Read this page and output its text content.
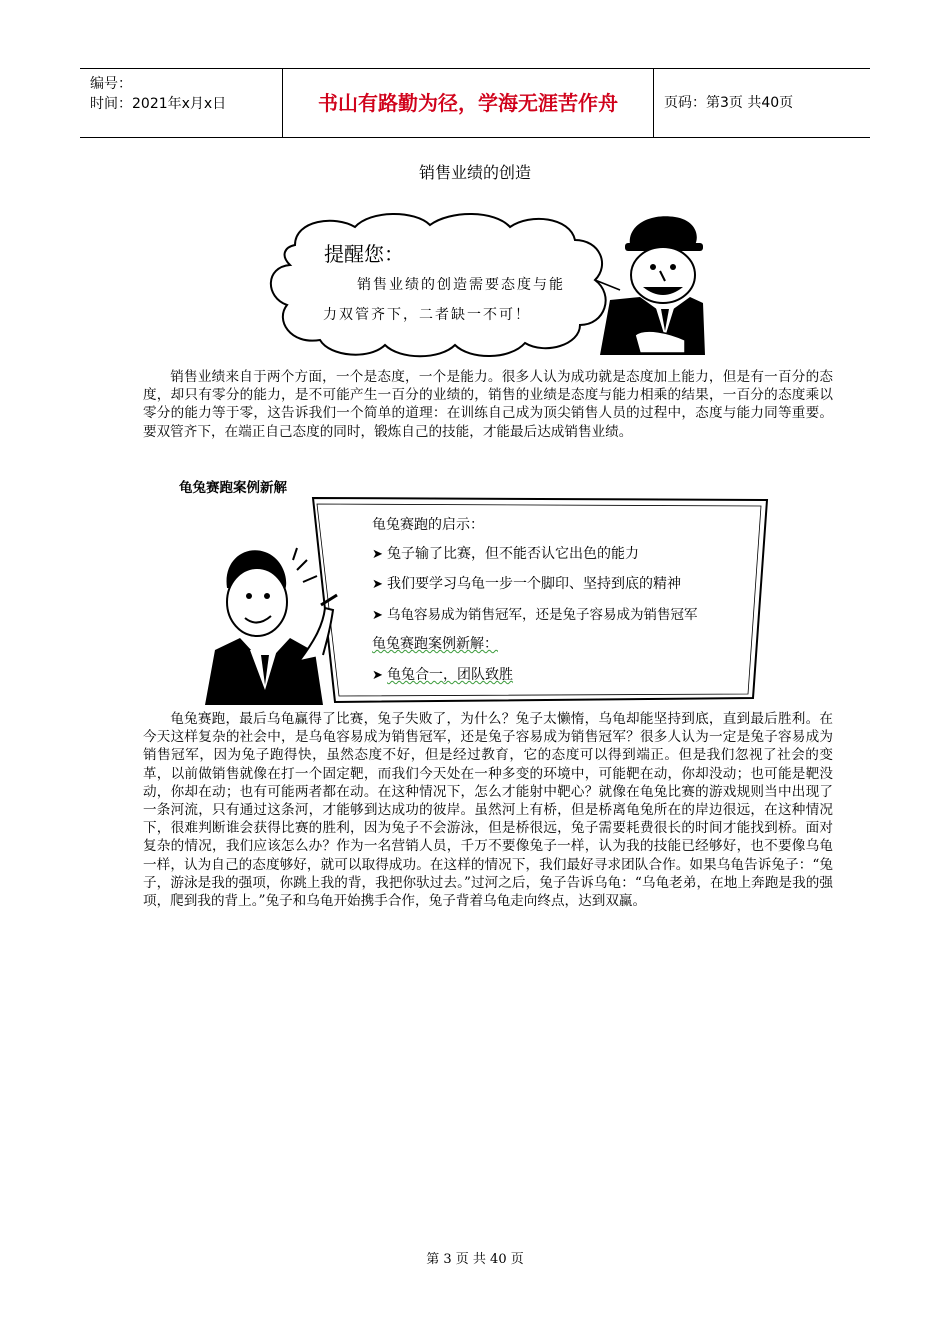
编号：
时间：2021年x月x日	书山有路勤为径，学海无涯苦作舟	页码：第3页 共40页
销售业绩的创造
提醒您：
销售业绩的创造需要态度与能
力双管齐下，二者缺一不可！
销售业绩来自于两个方面，一个是态度，一个是能力。很多人认为成功就是态度加上能力，但是有一百分的态度，却只有零分的能力，是不可能产生一百分的业绩的，销售的业绩是态度与能力相乘的结果，一百分的态度乘以零分的能力等于零，这告诉我们一个简单的道理：在训练自己成为顶尖销售人员的过程中，态度与能力同等重要。要双管齐下，在端正自己态度的同时，锻炼自己的技能，才能最后达成销售业绩。
龟兔赛跑案例新解
龟兔赛跑的启示：
➤ 兔子输了比赛，但不能否认它出色的能力
➤ 我们要学习乌龟一步一个脚印、坚持到底的精神
➤ 乌龟容易成为销售冠军，还是兔子容易成为销售冠军
龟兔赛跑案例新解：
➤ 龟兔合一，团队致胜
龟兔赛跑，最后乌龟赢得了比赛，兔子失败了，为什么？兔子太懒惰，乌龟却能坚持到底，直到最后胜利。在今天这样复杂的社会中，是乌龟容易成为销售冠军，还是兔子容易成为销售冠军？很多人认为一定是兔子容易成为销售冠军，因为兔子跑得快，虽然态度不好，但是经过教育，它的态度可以得到端正。但是我们忽视了社会的变革，以前做销售就像在打一个固定靶，而我们今天处在一种多变的环境中，可能靶在动，你却没动；也可能是靶没动，你却在动；也有可能两者都在动。在这种情况下，怎么才能射中靶心？就像在龟兔比赛的游戏规则当中出现了一条河流，只有通过这条河，才能够到达成功的彼岸。虽然河上有桥，但是桥离龟兔所在的岸边很远，在这种情况下，很难判断谁会获得比赛的胜利，因为兔子不会游泳，但是桥很远，兔子需要耗费很长的时间才能找到桥。面对复杂的情况，我们应该怎么办？作为一名营销人员，千万不要像兔子一样，认为我的技能已经够好，也不要像乌龟一样，认为自己的态度够好，就可以取得成功。在这样的情况下，我们最好寻求团队合作。如果乌龟告诉兔子：“兔子，游泳是我的强项，你跳上我的背，我把你驮过去。”过河之后，兔子告诉乌龟：“乌龟老弟，在地上奔跑是我的强项，爬到我的背上。”兔子和乌龟开始携手合作，兔子背着乌龟走向终点，达到双赢。
第 3 页 共 40 页
